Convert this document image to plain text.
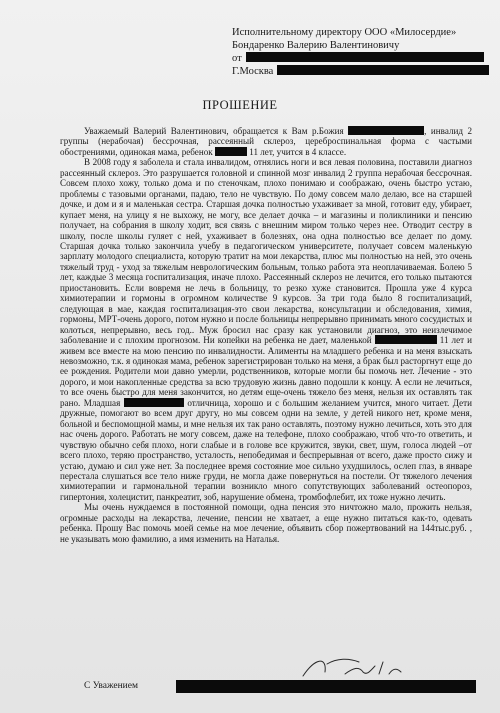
Исполнительному директору ООО «Милосердие»
Бондаренко Валерию Валентиновичу
от
Г.Москва
ПРОШЕНИЕ

Уважаемый Валерий Валентинович, обращается к Вам р.Божия	, инвалид 2 группы (нерабочая) бессрочная, рассеянный склероз, цереброспинальная форма с частыми обострениями, одинокая мама, ребенок	11 лет, учится в 4 классе.

В 2008 году я заболела и стала инвалидом, отнялись ноги и вся левая половина, поставили диагноз рассеянный склероз. Это разрушается головной и спинной мозг инвалид 2 группа нерабочая бессрочная. Совсем плохо хожу, только дома и по стеночкам, плохо понимаю и соображаю, очень быстро устаю, проблемы с тазовыми органами, падаю, тело не чувствую. По дому совсем мало делаю, все на старшей дочке, и дом и я и маленькая сестра. Старшая дочка полностью ухаживает за мной, готовит еду, убирает, купает меня, на улицу я не выхожу, не могу, все делает дочка – и магазины и поликлиники и пенсию получает, на собрания в школу ходит, вся связь с внешним миром только через нее. Отводит сестру в школу, после школы гуляет с ней, ухаживает в болезнях, она одна полностью все делает по дому. Старшая дочка только закончила учебу в педагогическом университете, получает совсем маленькую зарплату молодого специалиста, которую тратит на мои лекарства, плюс мы полностью на ней, это очень тяжелый труд - уход за тяжелым неврологическим больным, только работа эта неоплачиваемая. Болею 5 лет, каждые 3 месяца госпитализация, иначе плохо. Рассеянный склероз не лечится, его только пытаются приостановить. Если вовремя не лечь в больницу, то резко хуже становится. Прошла уже 4 курса химиотерапии и гормоны в огромном количестве 9 курсов. За три года было 8 госпитализаций, следующая в мае, каждая госпитализация-это свои лекарства, консультации и обследования, химия, гормоны, МРТ-очень дорого, потом нужно и после больницы непрерывно принимать много сосудистых и колоться, непрерывно, весь год.. Муж бросил нас сразу как установили диагноз, это неизлечимое заболевание и с плохим прогнозом. Ни копейки на ребенка не дает, маленькой	11 лет и живем все вместе на мою пенсию по инвалидности. Алименты на младшего ребенка и на меня взыскать невозможно, т.к. я одинокая мама, ребенок зарегистрирован только на меня, а брак был расторгнут еще до ее рождения. Родители мои давно умерли, родственников, которые могли бы помочь нет. Лечение - это дорого, и мои накопленные средства за всю трудовую жизнь давно подошли к концу. А если не лечиться, то все очень быстро для меня закончится, но детям еще-очень тяжело без меня, нельзя их оставлять так рано. Младшая	отличница, хорошо и с большим желанием учится, много читает. Дети дружные, помогают во всем друг другу, но мы совсем одни на земле, у детей никого нет, кроме меня, больной и беспомощной мамы, и мне нельзя их так рано оставлять, поэтому нужно лечиться, хоть это для нас очень дорого. Работать не могу совсем, даже на телефоне, плохо соображаю, чтоб что-то ответить, и чувствую обычно себя плохо, ноги слабые и в голове все кружится, звуки, свет, шум, голоса людей –от всего плохо, теряю пространство, усталость, непобедимая и беспрерывная от всего, даже просто сижу и устаю, думаю и сил уже нет. За последнее время состояние мое сильно ухудшилось, ослеп глаз, в январе перестала слушаться все тело ниже груди, не могла даже повернуться на постели. От тяжелого лечения химиотерапии и гармональной терапии возникло много сопутствующих заболеваний остеопороз, гипертония, холецистит, панкреатит, зоб, нарушение обмена, тромбофлебит, их тоже нужно лечить.

Мы очень нуждаемся в постоянной помощи, одна пенсия это ничтожно мало, прожить нельзя, огромные расходы на лекарства, лечение, пенсии не хватает, а еще нужно питаться как-то, одевать ребенка. Прошу Вас помочь моей семье на мое лечение, объявить сбор пожертвований на 144тыс.руб. , не указывать мою фамилию, а имя изменить на Наталья.

С Уважением
